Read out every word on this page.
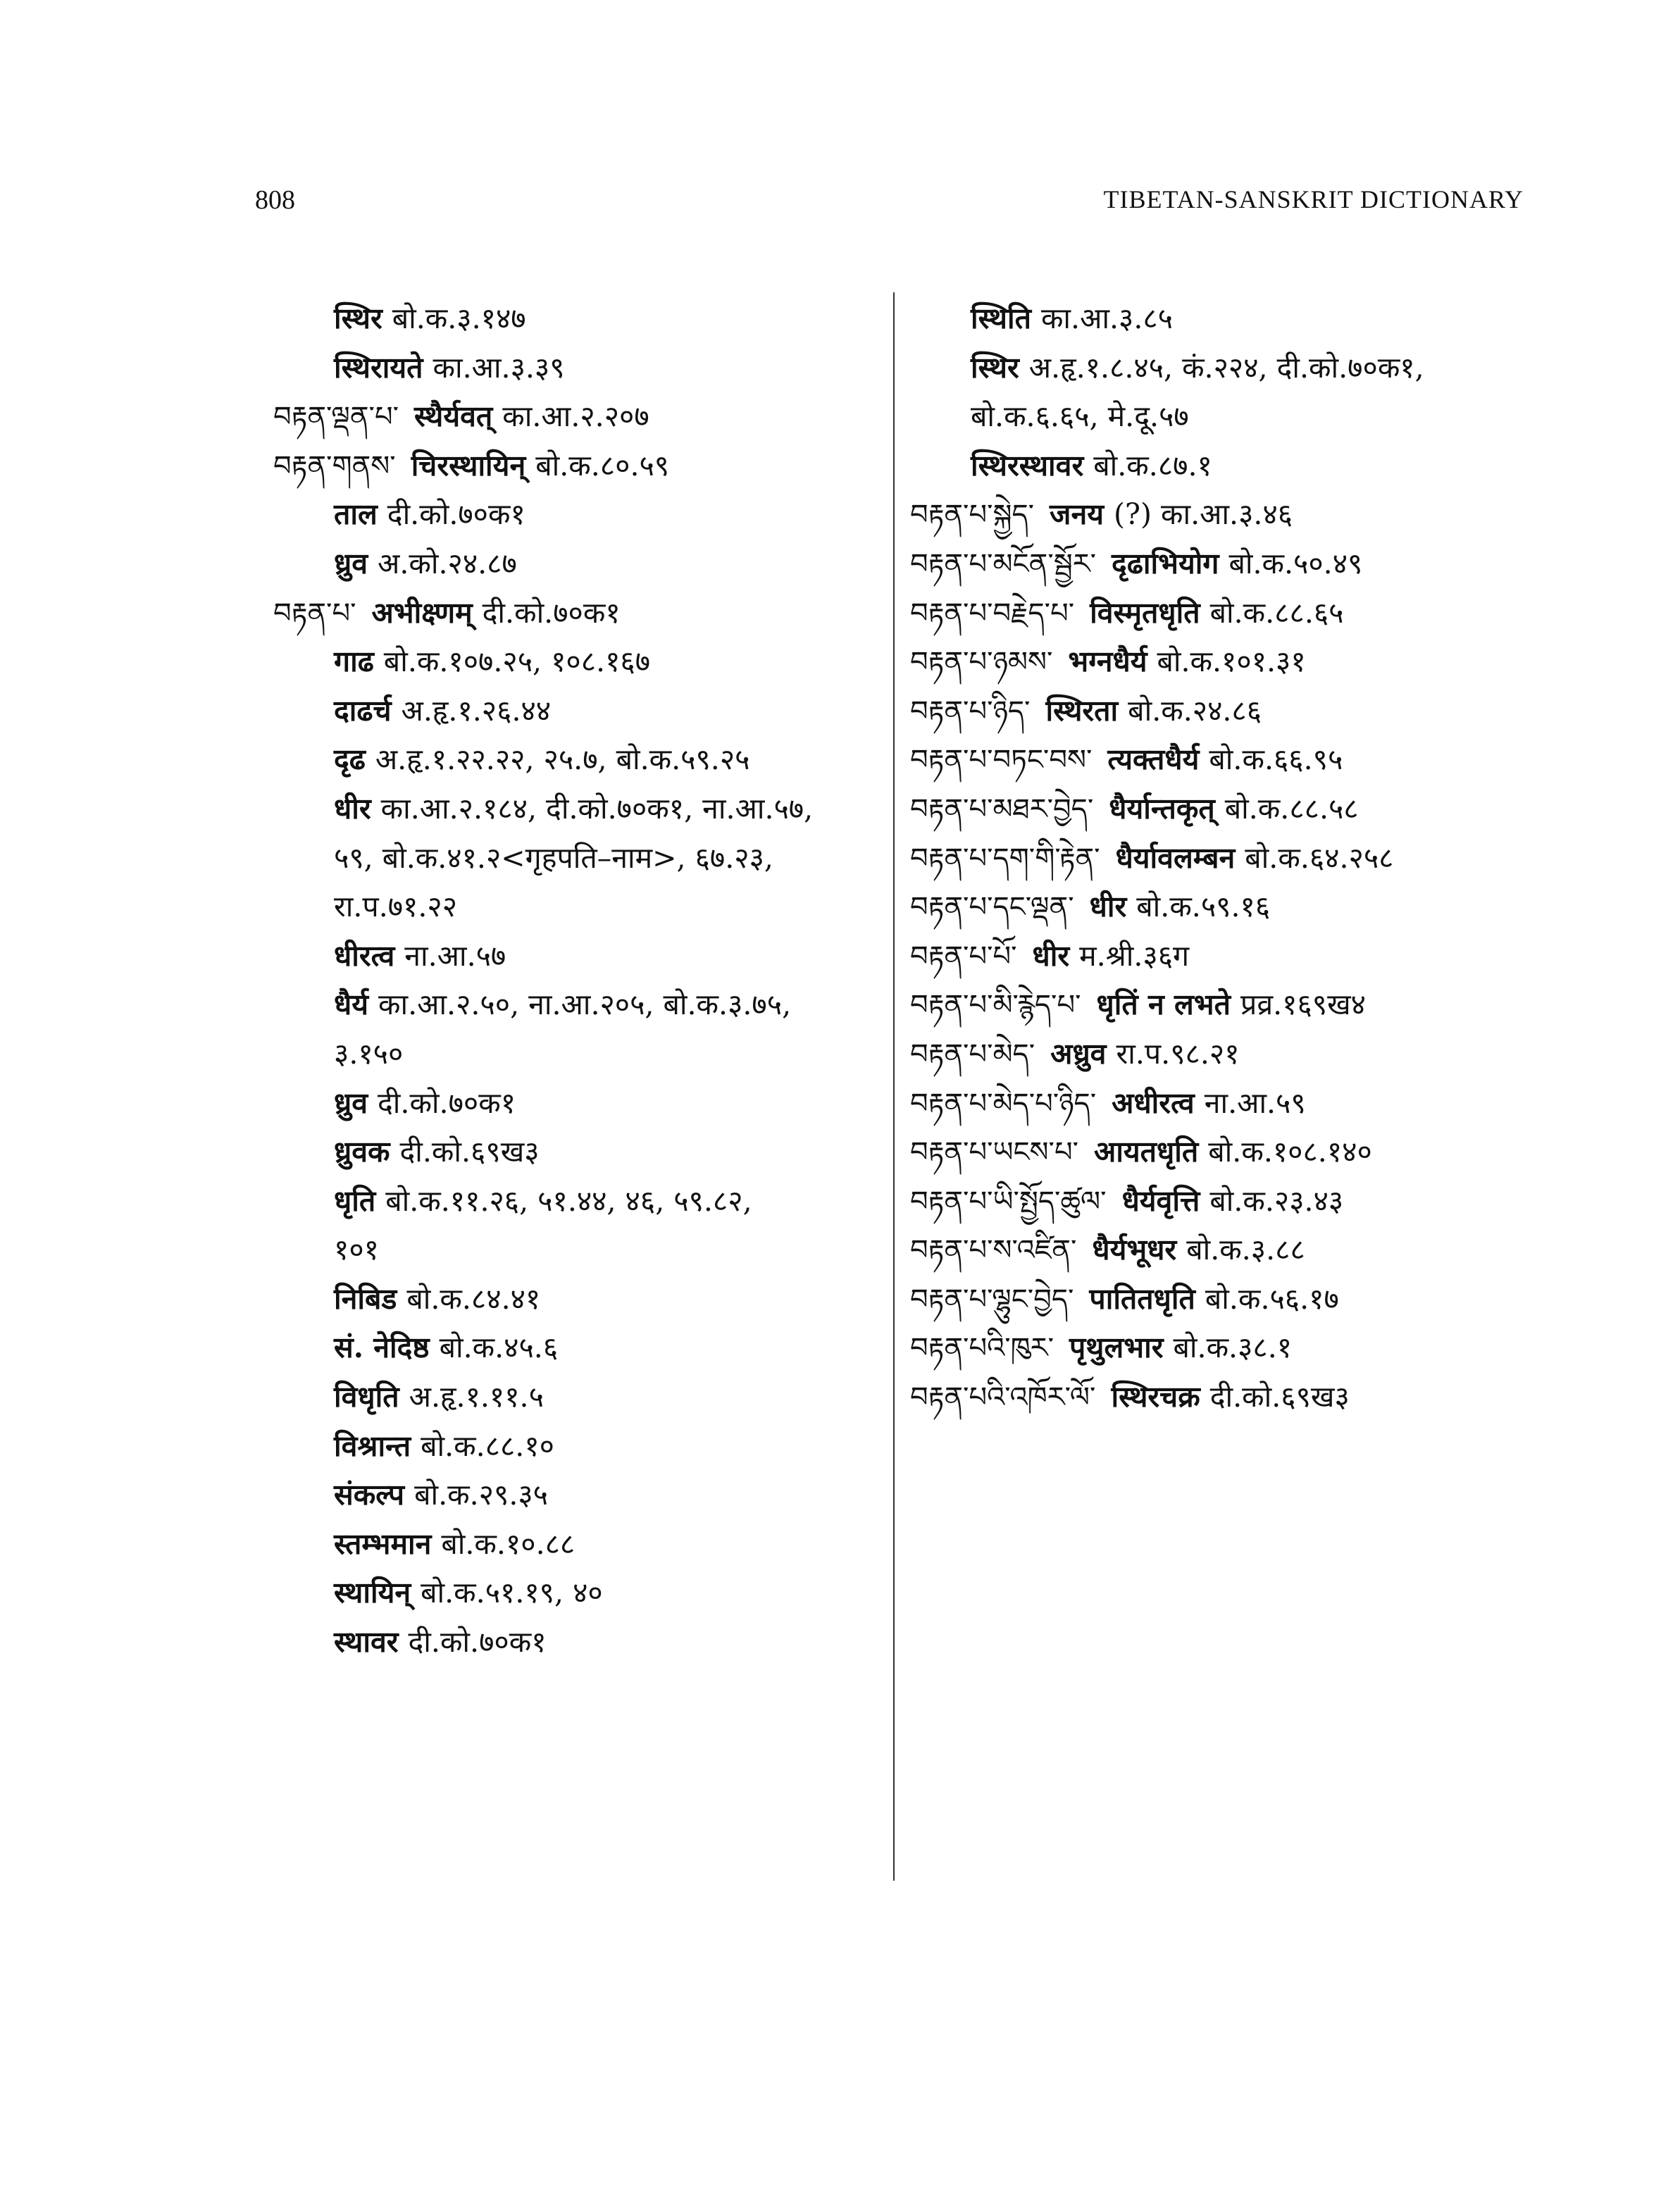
808	TIBETAN-SANSKRIT DICTIONARY
स्थिर बो.क.३.१४७
स्थिरायते का.आ.३.३९
བརྟན་ལྡན་པ་ स्थैर्यवत् का.आ.२.२०७
བརྟན་གནས་ चिरस्थायिन् बो.क.८०.५९
ताल दी.को.७०क१
ध्रुव अ.को.२४.८७
བརྟན་པ་ अभीक्ष्णम् दी.को.७०क१
गाढ बो.क.१०७.२५, १०८.१६७
दाढर्च अ.हृ.१.२६.४४
दृढ अ.हृ.१.२२.२२, २५.७, बो.क.५९.२५
धीर का.आ.२.१८४, दी.को.७०क१, ना.आ.५७,
५९, बो.क.४१.२<गृहपति–नाम>, ६७.२३,
रा.प.७१.२२
धीरत्व ना.आ.५७
धैर्य का.आ.२.५०, ना.आ.२०५, बो.क.३.७५,
३.१५०
ध्रुव दी.को.७०क१
ध्रुवक दी.को.६९ख३
धृति बो.क.११.२६, ५१.४४, ४६, ५९.८२,
१०१
निबिड बो.क.८४.४१
सं. नेदिष्ठ बो.क.४५.६
विधृति अ.हृ.१.११.५
विश्रान्त बो.क.८८.१०
संकल्प बो.क.२९.३५
स्तम्भमान बो.क.१०.८८
स्थायिन् बो.क.५१.१९, ४०
स्थावर दी.को.७०क१
स्थिति का.आ.३.८५
स्थिर अ.हृ.१.८.४५, कं.२२४, दी.को.७०क१,
बो.क.६.६५, मे.दू.५७
स्थिरस्थावर बो.क.८७.१
བརྟན་པ་སྐྱེད་ जनय (?) का.आ.३.४६
བརྟན་པ་མངོན་སྦྱོར་ दृढाभियोग बो.क.५०.४९
བརྟན་པ་བརྗེད་པ་ विस्मृतधृति बो.क.८८.६५
བརྟན་པ་ཉམས་ भग्नधैर्य बो.क.१०१.३१
བརྟན་པ་ཉིད་ स्थिरता बो.क.२४.८६
བརྟན་པ་བཏང་བས་ त्यक्तधैर्य बो.क.६६.९५
བརྟན་པ་མཐར་བྱེད་ धैर्यान्तकृत् बो.क.८८.५८
བརྟན་པ་དག་གི་རྟེན་ धैर्यावलम्बन बो.क.६४.२५८
བརྟན་པ་དང་ལྡན་ धीर बो.क.५९.१६
བརྟན་པ་པོ་ धीर म.श्री.३६ग
བརྟན་པ་མི་རྙེད་པ་ धृतिं न लभते प्रव्र.१६९ख४
བརྟན་པ་མེད་ अध्रुव रा.प.९८.२१
བརྟན་པ་མེད་པ་ཉིད་ अधीरत्व ना.आ.५९
བརྟན་པ་ཡངས་པ་ आयतधृति बो.क.१०८.१४०
བརྟན་པ་ཡི་སྤྱོད་ཚུལ་ धैर्यवृत्ति बो.क.२३.४३
བརྟན་པ་ས་འཛིན་ धैर्यभूधर बो.क.३.८८
བརྟན་པ་ལྷུང་བྱེད་ पातितधृति बो.क.५६.१७
བརྟན་པའི་ཁུར་ पृथुलभार बो.क.३८.१
བརྟན་པའི་འཁོར་ལོ་ स्थिरचक्र दी.को.६९ख३
